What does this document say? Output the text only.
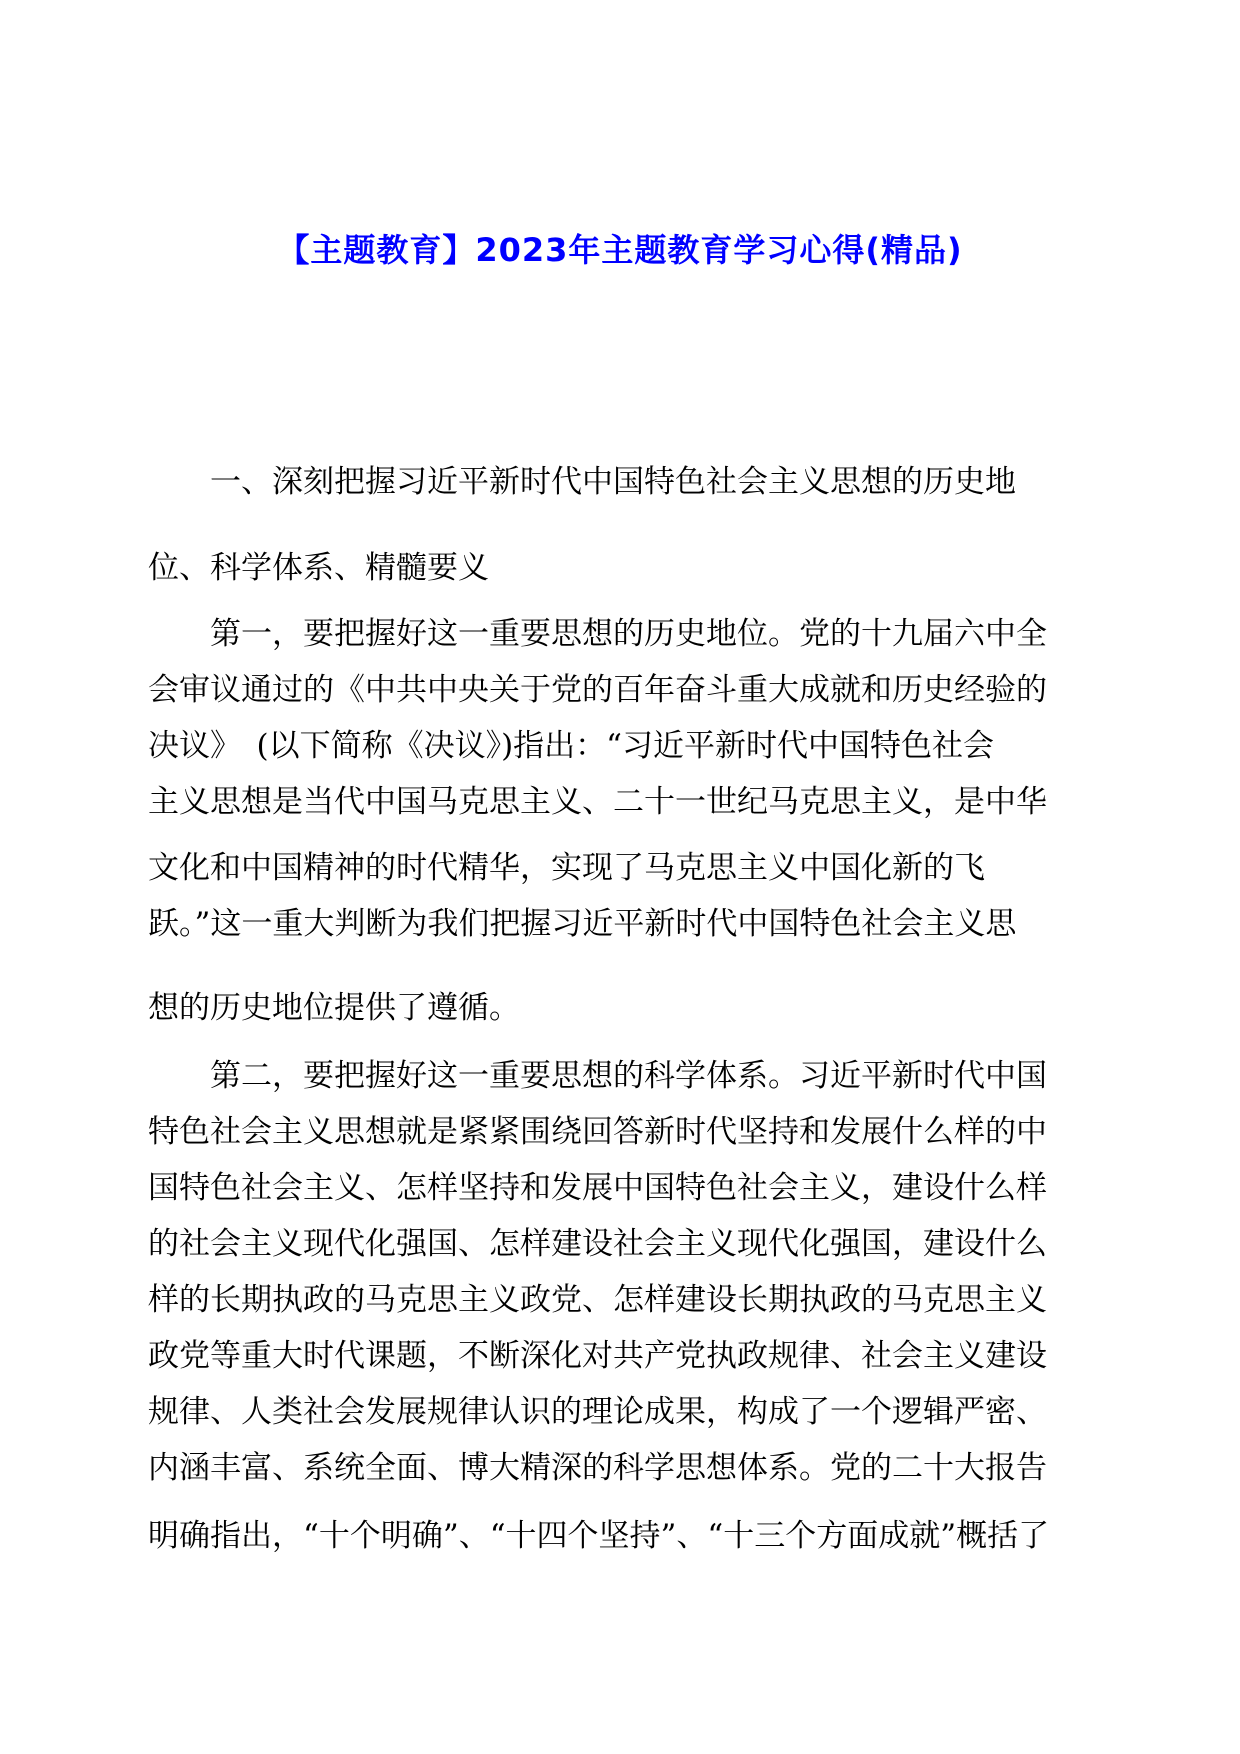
【主题教育】2023年主题教育学习心得(精品)
　　一、深刻把握习近平新时代中国特色社会主义思想的历史地
位、科学体系、精髓要义
　　第一，要把握好这一重要思想的历史地位。党的十九届六中全
会审议通过的《中共中央关于党的百年奋斗重大成就和历史经验的
决议》　(以下简称《决议》)指出：“习近平新时代中国特色社会
主义思想是当代中国马克思主义、二十一世纪马克思主义，是中华
文化和中国精神的时代精华，实现了马克思主义中国化新的飞
跃。”这一重大判断为我们把握习近平新时代中国特色社会主义思
想的历史地位提供了遵循。
　　第二，要把握好这一重要思想的科学体系。习近平新时代中国
特色社会主义思想就是紧紧围绕回答新时代坚持和发展什么样的中
国特色社会主义、怎样坚持和发展中国特色社会主义，建设什么样
的社会主义现代化强国、怎样建设社会主义现代化强国，建设什么
样的长期执政的马克思主义政党、怎样建设长期执政的马克思主义
政党等重大时代课题，不断深化对共产党执政规律、社会主义建设
规律、人类社会发展规律认识的理论成果，构成了一个逻辑严密、
内涵丰富、系统全面、博大精深的科学思想体系。党的二十大报告
明确指出，“十个明确”、“十四个坚持”、“十三个方面成就”概括了
